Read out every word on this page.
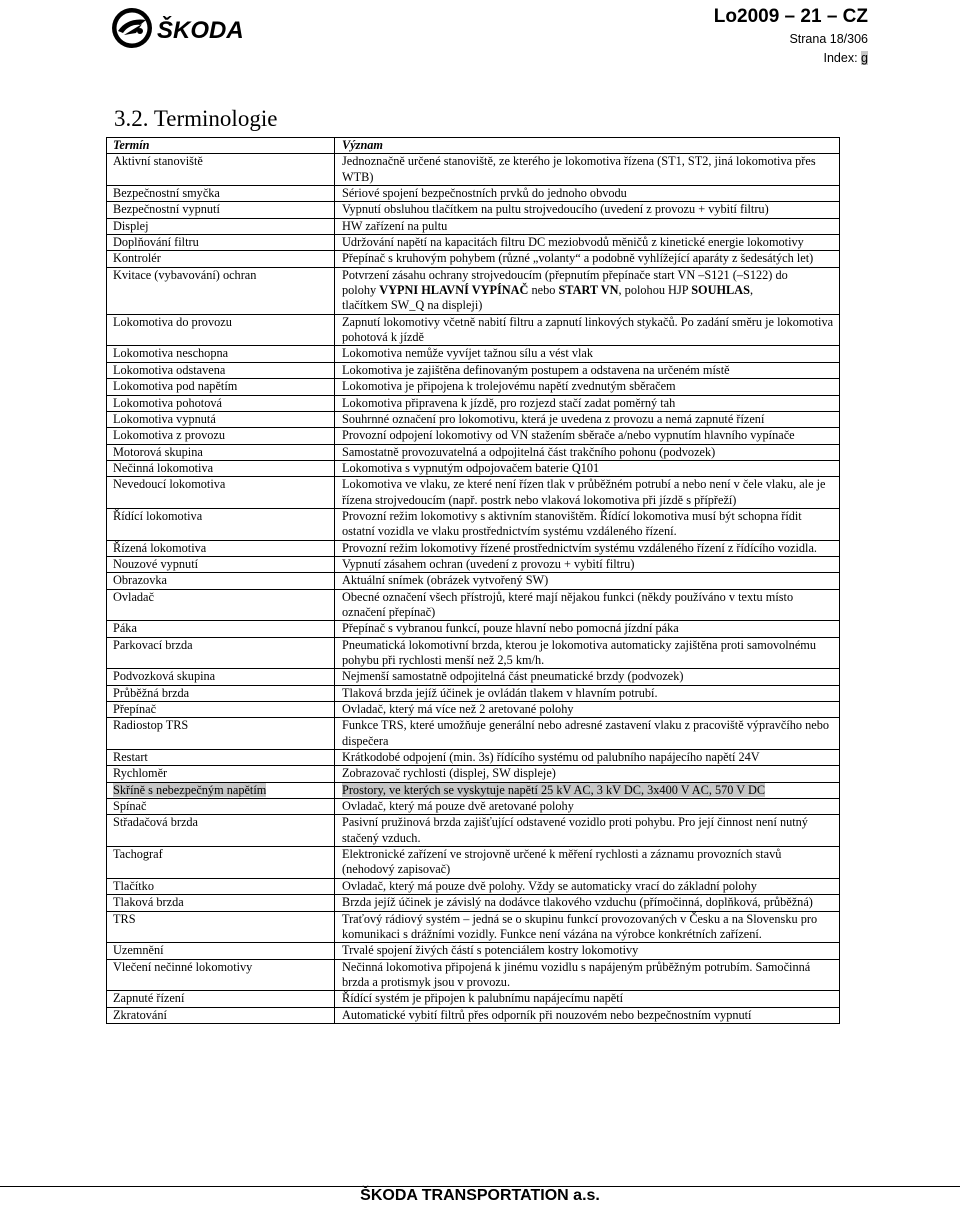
ŠKODA
Lo2009 – 21 – CZ
Strana 18/306
Index: g
3.2. Terminologie
Termín	Význam
Aktivní stanoviště	Jednoznačně určené stanoviště, ze kterého je lokomotiva řízena (ST1, ST2, jiná lokomotiva přes WTB)
Bezpečnostní smyčka	Sériové spojení bezpečnostních prvků do jednoho obvodu
Bezpečnostní vypnutí	Vypnutí obsluhou tlačítkem na pultu strojvedoucího (uvedení z provozu + vybití filtru)
Displej	HW zařízení na pultu
Doplňování filtru	Udržování napětí na kapacitách filtru DC meziobvodů měničů z kinetické energie lokomotivy
Kontrolér	Přepínač s kruhovým pohybem (různé „volanty“ a podobně vyhlížející aparáty z šedesátých let)
Kvitace (vybavování) ochran	Potvrzení zásahu ochrany strojvedoucím (přepnutím přepínače start VN –S121 (–S122) do
polohy VYPNI HLAVNÍ VYPÍNAČ nebo START VN, polohou HJP SOUHLAS,
tlačítkem SW_Q na displeji)
Lokomotiva do provozu	Zapnutí lokomotivy včetně nabití filtru a zapnutí linkových stykačů. Po zadání směru je lokomotiva pohotová k jízdě
Lokomotiva neschopna	Lokomotiva nemůže vyvíjet tažnou sílu a vést vlak
Lokomotiva odstavena	Lokomotiva je zajištěna definovaným postupem a odstavena na určeném místě
Lokomotiva pod napětím	Lokomotiva je připojena k trolejovému napětí zvednutým sběračem
Lokomotiva pohotová	Lokomotiva připravena k jízdě, pro rozjezd stačí zadat poměrný tah
Lokomotiva vypnutá	Souhrnné označení pro lokomotivu, která je uvedena z provozu a nemá zapnuté řízení
Lokomotiva z provozu	Provozní odpojení lokomotivy od VN stažením sběrače a/nebo vypnutím hlavního vypínače
Motorová skupina	Samostatně provozuvatelná a odpojitelná část trakčního pohonu (podvozek)
Nečinná lokomotiva	Lokomotiva s vypnutým odpojovačem baterie Q101
Nevedoucí lokomotiva	Lokomotiva ve vlaku, ze které není řízen tlak v průběžném potrubí a nebo není v čele vlaku, ale je řízena strojvedoucím (např. postrk nebo vlaková lokomotiva při jízdě s přípřeží)
Řídící lokomotiva	Provozní režim lokomotivy s aktivním stanovištěm. Řídící lokomotiva musí být schopna řídit ostatní vozidla ve vlaku prostřednictvím systému vzdáleného řízení.
Řízená lokomotiva	Provozní režim lokomotivy řízené prostřednictvím systému vzdáleného řízení z řídícího vozidla.
Nouzové vypnutí	Vypnutí zásahem ochran (uvedení z provozu + vybití filtru)
Obrazovka	Aktuální snímek (obrázek vytvořený SW)
Ovladač	Obecné označení všech přístrojů, které mají nějakou funkci (někdy používáno v textu místo označení přepínač)
Páka	Přepínač s vybranou funkcí, pouze hlavní nebo pomocná jízdní páka
Parkovací brzda	Pneumatická lokomotivní brzda, kterou je lokomotiva automaticky zajištěna proti samovolnému pohybu při rychlosti menší než 2,5 km/h.
Podvozková skupina	Nejmenší samostatně odpojitelná část pneumatické brzdy (podvozek)
Průběžná brzda	Tlaková brzda jejíž účinek je ovládán tlakem v hlavním potrubí.
Přepínač	Ovladač, který má více než 2 aretované polohy
Radiostop TRS	Funkce TRS, které umožňuje generální nebo adresné zastavení vlaku z pracoviště výpravčího nebo dispečera
Restart	Krátkodobé odpojení (min. 3s) řídícího systému od palubního napájecího napětí 24V
Rychloměr	Zobrazovač rychlosti (displej, SW displeje)
Skříně s nebezpečným napětím	Prostory, ve kterých se vyskytuje napětí 25 kV AC, 3 kV DC, 3x400 V AC, 570 V DC
Spínač	Ovladač, který má pouze dvě aretované polohy
Střadačová brzda	Pasivní pružinová brzda zajišťující odstavené vozidlo proti pohybu. Pro její činnost není nutný stačený vzduch.
Tachograf	Elektronické zařízení ve strojovně určené k měření rychlosti a záznamu provozních stavů (nehodový zapisovač)
Tlačítko	Ovladač, který má pouze dvě polohy. Vždy se automaticky vrací do základní polohy
Tlaková brzda	Brzda jejíž účinek je závislý na dodávce tlakového vzduchu (přímočinná, doplňková, průběžná)
TRS	Traťový rádiový systém – jedná se o skupinu funkcí provozovaných v Česku a na Slovensku pro komunikaci s drážními vozidly. Funkce není vázána na výrobce konkrétních zařízení.
Uzemnění	Trvalé spojení živých částí s potenciálem kostry lokomotivy
Vlečení nečinné lokomotivy	Nečinná lokomotiva připojená k jinému vozidlu s napájeným průběžným potrubím. Samočinná brzda a protismyk jsou v provozu.
Zapnuté řízení	Řídící systém je připojen k palubnímu napájecímu napětí
Zkratování	Automatické vybití filtrů přes odporník při nouzovém nebo bezpečnostním vypnutí
ŠKODA TRANSPORTATION a.s.
